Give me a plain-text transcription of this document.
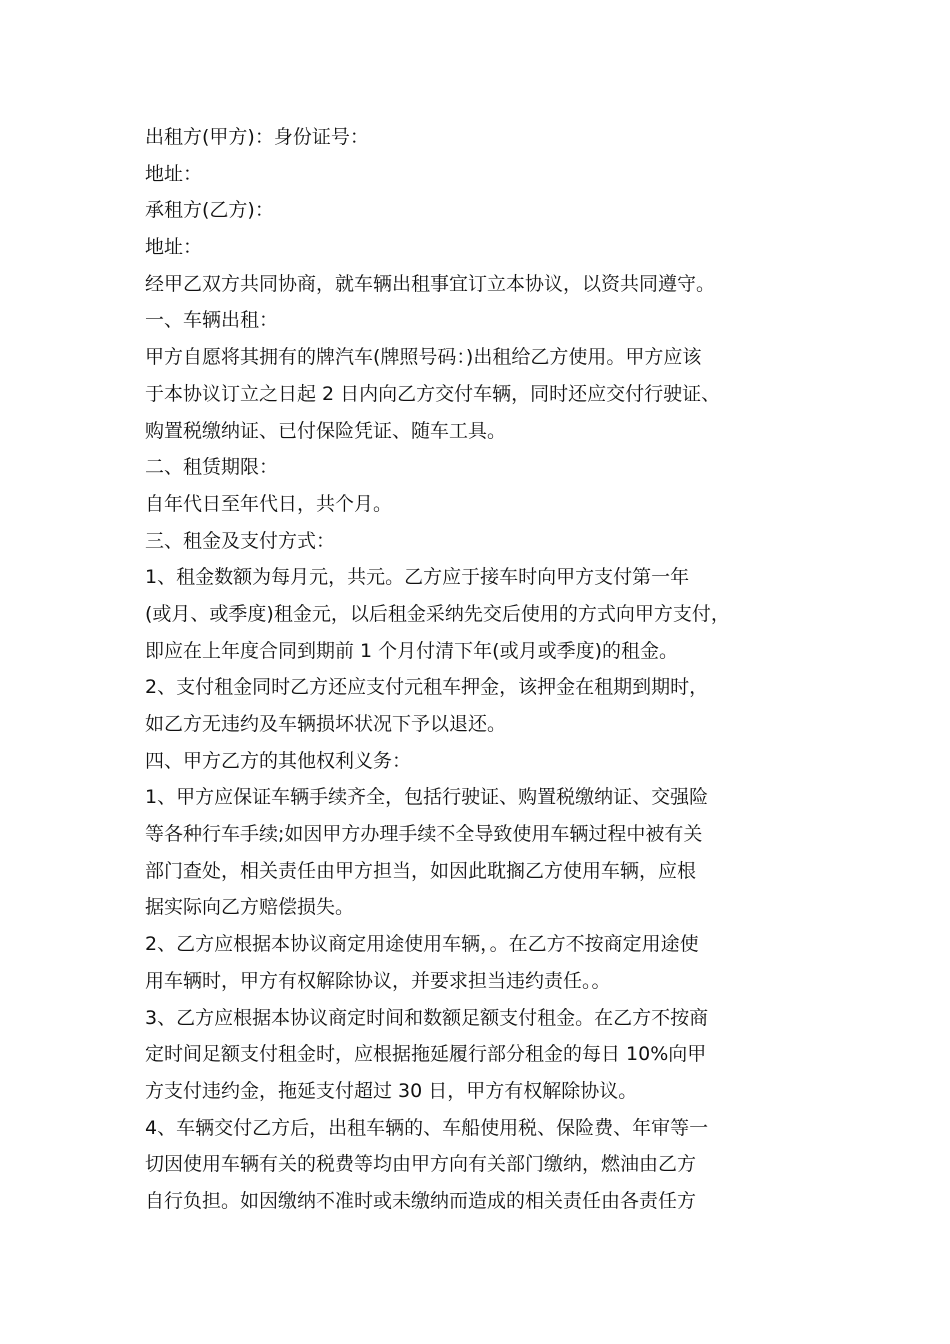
出租方(甲方)：身份证号：
地址：
承租方(乙方)：
地址：
经甲乙双方共同协商，就车辆出租事宜订立本协议，以资共同遵守。
一、车辆出租：
甲方自愿将其拥有的牌汽车(牌照号码：)出租给乙方使用。甲方应该
于本协议订立之日起 2 日内向乙方交付车辆，同时还应交付行驶证、
购置税缴纳证、已付保险凭证、随车工具。
二、租赁期限：
自年代日至年代日，共个月。
三、租金及支付方式：
1、租金数额为每月元，共元。乙方应于接车时向甲方支付第一年
(或月、或季度)租金元，以后租金采纳先交后使用的方式向甲方支付，
即应在上年度合同到期前 1 个月付清下年(或月或季度)的租金。
2、支付租金同时乙方还应支付元租车押金，该押金在租期到期时，
如乙方无违约及车辆损坏状况下予以退还。
四、甲方乙方的其他权利义务：
1、甲方应保证车辆手续齐全，包括行驶证、购置税缴纳证、交强险
等各种行车手续;如因甲方办理手续不全导致使用车辆过程中被有关
部门查处，相关责任由甲方担当，如因此耽搁乙方使用车辆，应根
据实际向乙方赔偿损失。
2、乙方应根据本协议商定用途使用车辆，。在乙方不按商定用途使
用车辆时，甲方有权解除协议，并要求担当违约责任。。
3、乙方应根据本协议商定时间和数额足额支付租金。在乙方不按商
定时间足额支付租金时，应根据拖延履行部分租金的每日 10%向甲
方支付违约金，拖延支付超过 30 日，甲方有权解除协议。
4、车辆交付乙方后，出租车辆的、车船使用税、保险费、年审等一
切因使用车辆有关的税费等均由甲方向有关部门缴纳，燃油由乙方
自行负担。如因缴纳不准时或未缴纳而造成的相关责任由各责任方
